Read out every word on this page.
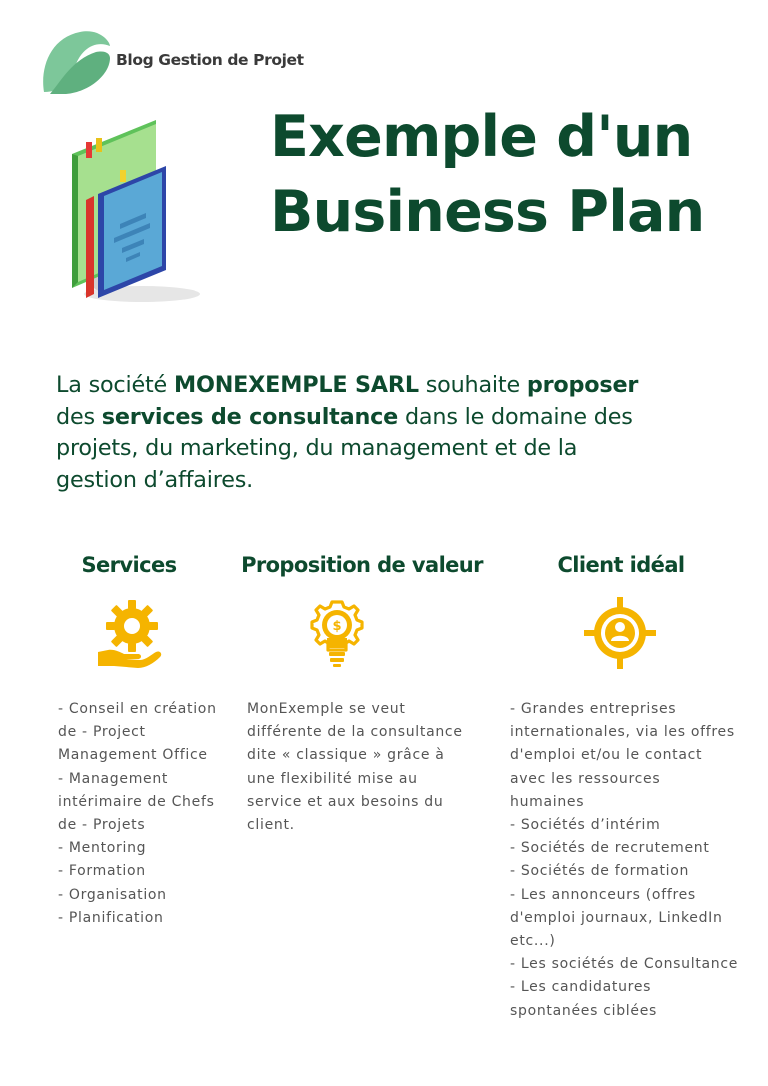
Blog Gestion de Projet
Exemple d'un
Business Plan
La société MONEXEMPLE SARL souhaite proposer
des services de consultance dans le domaine des
projets, du marketing, du management et de la
gestion d’affaires.
Services	Proposition de valeur	Client idéal
$
- Conseil en création
de - Project
Management Office
- Management
intérimaire de Chefs
de - Projets
- Mentoring
- Formation
- Organisation
- Planification
MonExemple se veut
différente de la consultance
dite « classique » grâce à
une flexibilité mise au
service et aux besoins du
client.
- Grandes entreprises
internationales, via les offres
d'emploi et/ou le contact
avec les ressources
humaines
- Sociétés d’intérim
- Sociétés de recrutement
- Sociétés de formation
- Les annonceurs (offres
d'emploi journaux, LinkedIn
etc...)
- Les sociétés de Consultance
- Les candidatures
spontanées ciblées
